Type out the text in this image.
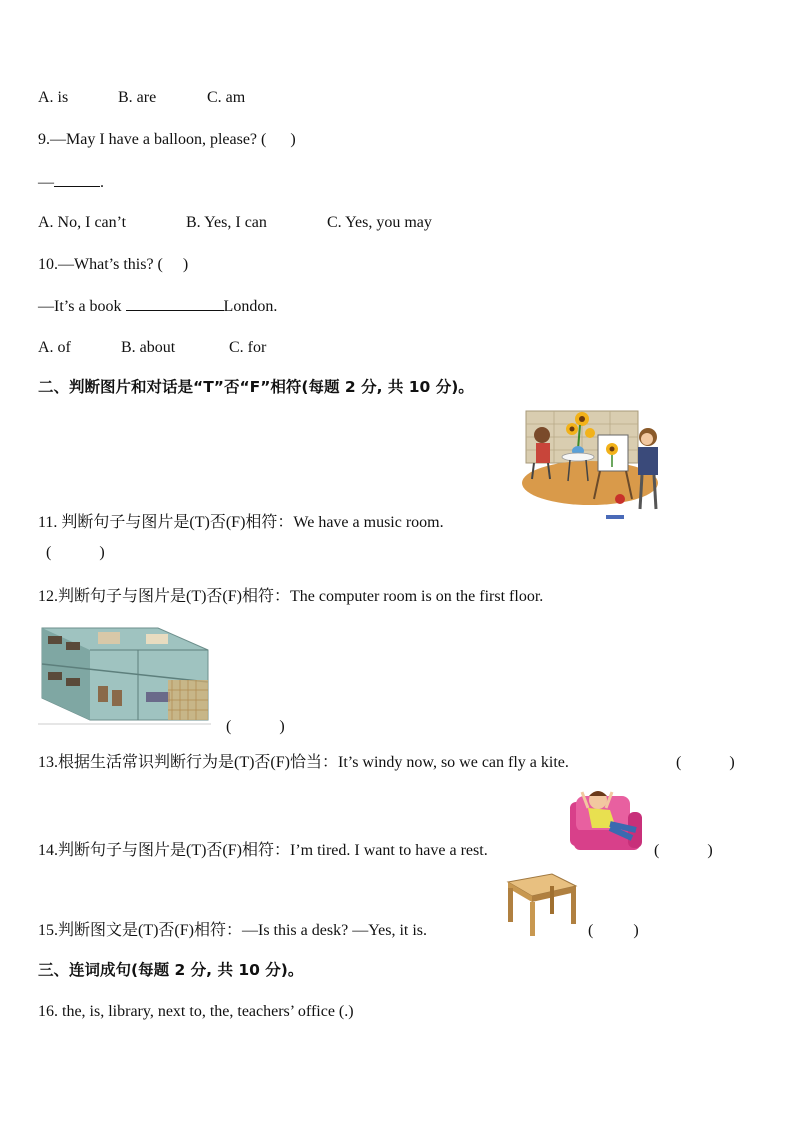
A. is	B. are	C. am
9.—May I have a balloon, please? (      )
—	.
A. No, I can’t	B. Yes, I can	C. Yes, you may
10.—What’s this? (     )
—It’s a book	London.
A. of	B. about	C. for
二、判断图片和对话是“T”否“F”相符(每题 2 分, 共 10 分)。
11. 判断句子与图片是(T)否(F)相符：We have a music room.
(            )
12.判断句子与图片是(T)否(F)相符：The computer room is on the first floor.
(            )
13.根据生活常识判断行为是(T)否(F)恰当：It’s windy now, so we can fly a kite.	(            )
14.判断句子与图片是(T)否(F)相符：I’m tired. I want to have a rest.	(            )
15.判断图文是(T)否(F)相符：—Is this a desk? —Yes, it is.	(          )
三、连词成句(每题 2 分, 共 10 分)。
16. the, is, library, next to, the, teachers’ office (.)
